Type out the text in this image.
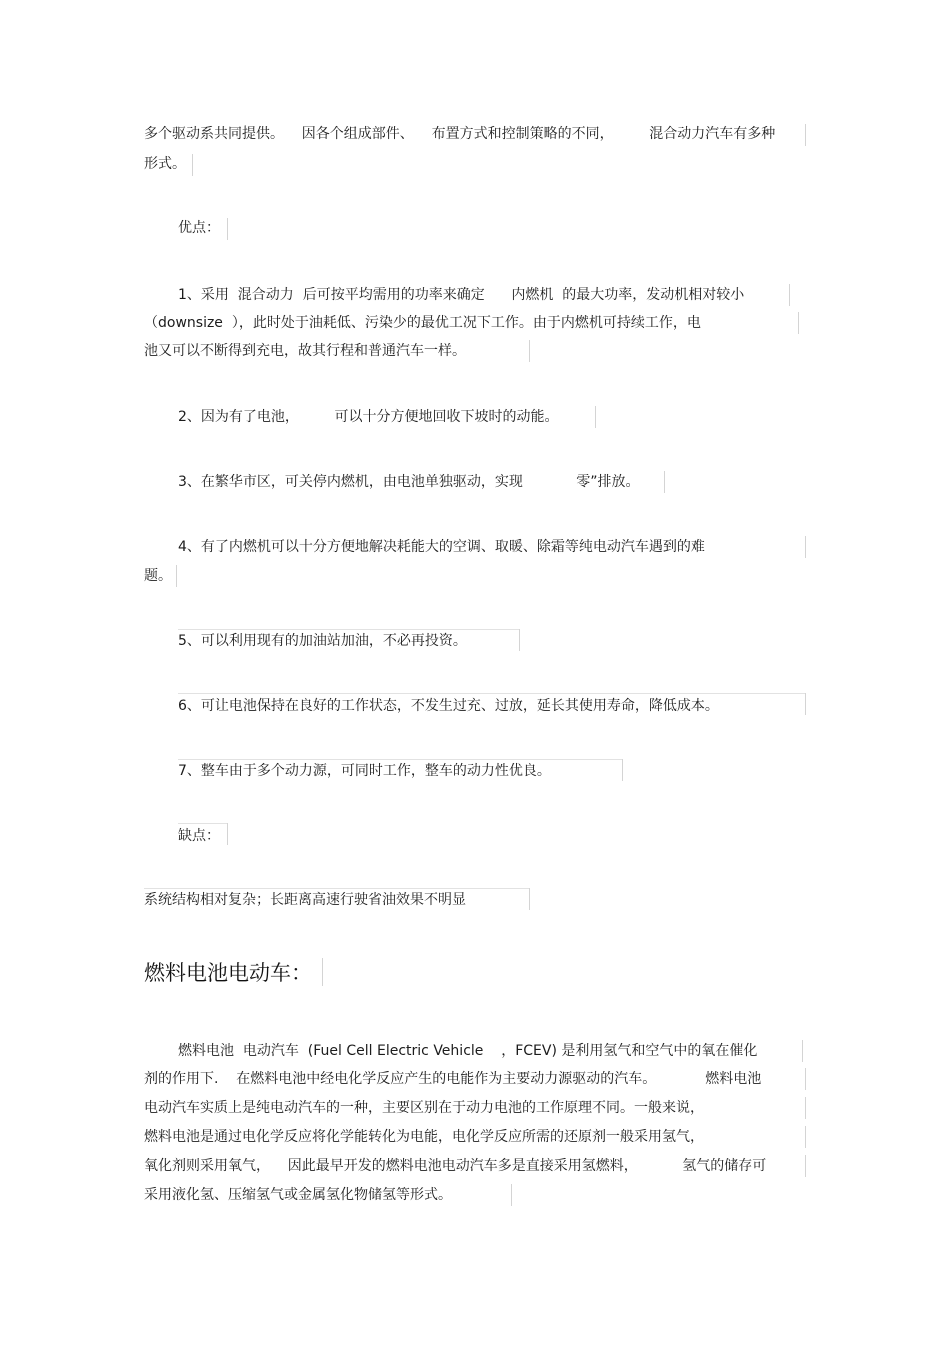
多个驱动系共同提供。    因各个组成部件、    布置方式和控制策略的不同，        混合动力汽车有多种
形式。
优点：
1、采用  混合动力  后可按平均需用的功率来确定      内燃机  的最大功率，发动机相对较小
（downsize  ），此时处于油耗低、污染少的最优工况下工作。由于内燃机可持续工作，电
池又可以不断得到充电，故其行程和普通汽车一样。
2、因为有了电池，        可以十分方便地回收下坡时的动能。
3、在繁华市区，可关停内燃机，由电池单独驱动，实现            零”排放。
4、有了内燃机可以十分方便地解决耗能大的空调、取暖、除霜等纯电动汽车遇到的难
题。
5、可以利用现有的加油站加油，不必再投资。
6、可让电池保持在良好的工作状态，不发生过充、过放，延长其使用寿命，降低成本。
7、整车由于多个动力源，可同时工作，整车的动力性优良。
缺点：
系统结构相对复杂；长距离高速行驶省油效果不明显
燃料电池电动车：
燃料电池  电动汽车  (Fuel Cell Electric Vehicle    ，FCEV) 是利用氢气和空气中的氧在催化
剂的作用下.    在燃料电池中经电化学反应产生的电能作为主要动力源驱动的汽车。           燃料电池
电动汽车实质上是纯电动汽车的一种，主要区别在于动力电池的工作原理不同。一般来说，
燃料电池是通过电化学反应将化学能转化为电能，电化学反应所需的还原剂一般采用氢气，
氧化剂则采用氧气，    因此最早开发的燃料电池电动汽车多是直接采用氢燃料，          氢气的储存可
采用液化氢、压缩氢气或金属氢化物储氢等形式。
